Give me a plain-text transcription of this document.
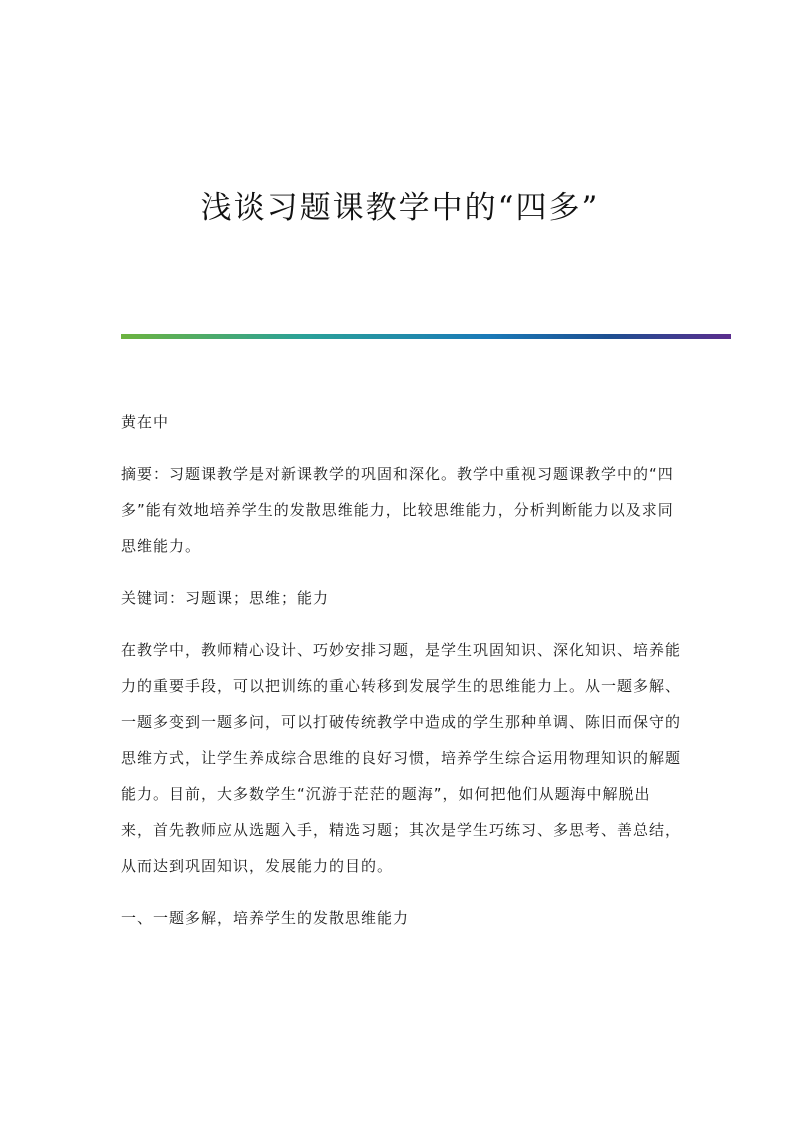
浅谈习题课教学中的“四多”

黄在中

摘要：习题课教学是对新课教学的巩固和深化。教学中重视习题课教学中的“四多”能有效地培养学生的发散思维能力，比较思维能力，分析判断能力以及求同思维能力。

关键词：习题课；思维；能力

在教学中，教师精心设计、巧妙安排习题，是学生巩固知识、深化知识、培养能力的重要手段，可以把训练的重心转移到发展学生的思维能力上。从一题多解、一题多变到一题多问，可以打破传统教学中造成的学生那种单调、陈旧而保守的思维方式，让学生养成综合思维的良好习惯，培养学生综合运用物理知识的解题能力。目前，大多数学生“沉游于茫茫的题海”，如何把他们从题海中解脱出来，首先教师应从选题入手，精选习题；其次是学生巧练习、多思考、善总结，从而达到巩固知识，发展能力的目的。

一、一题多解，培养学生的发散思维能力
